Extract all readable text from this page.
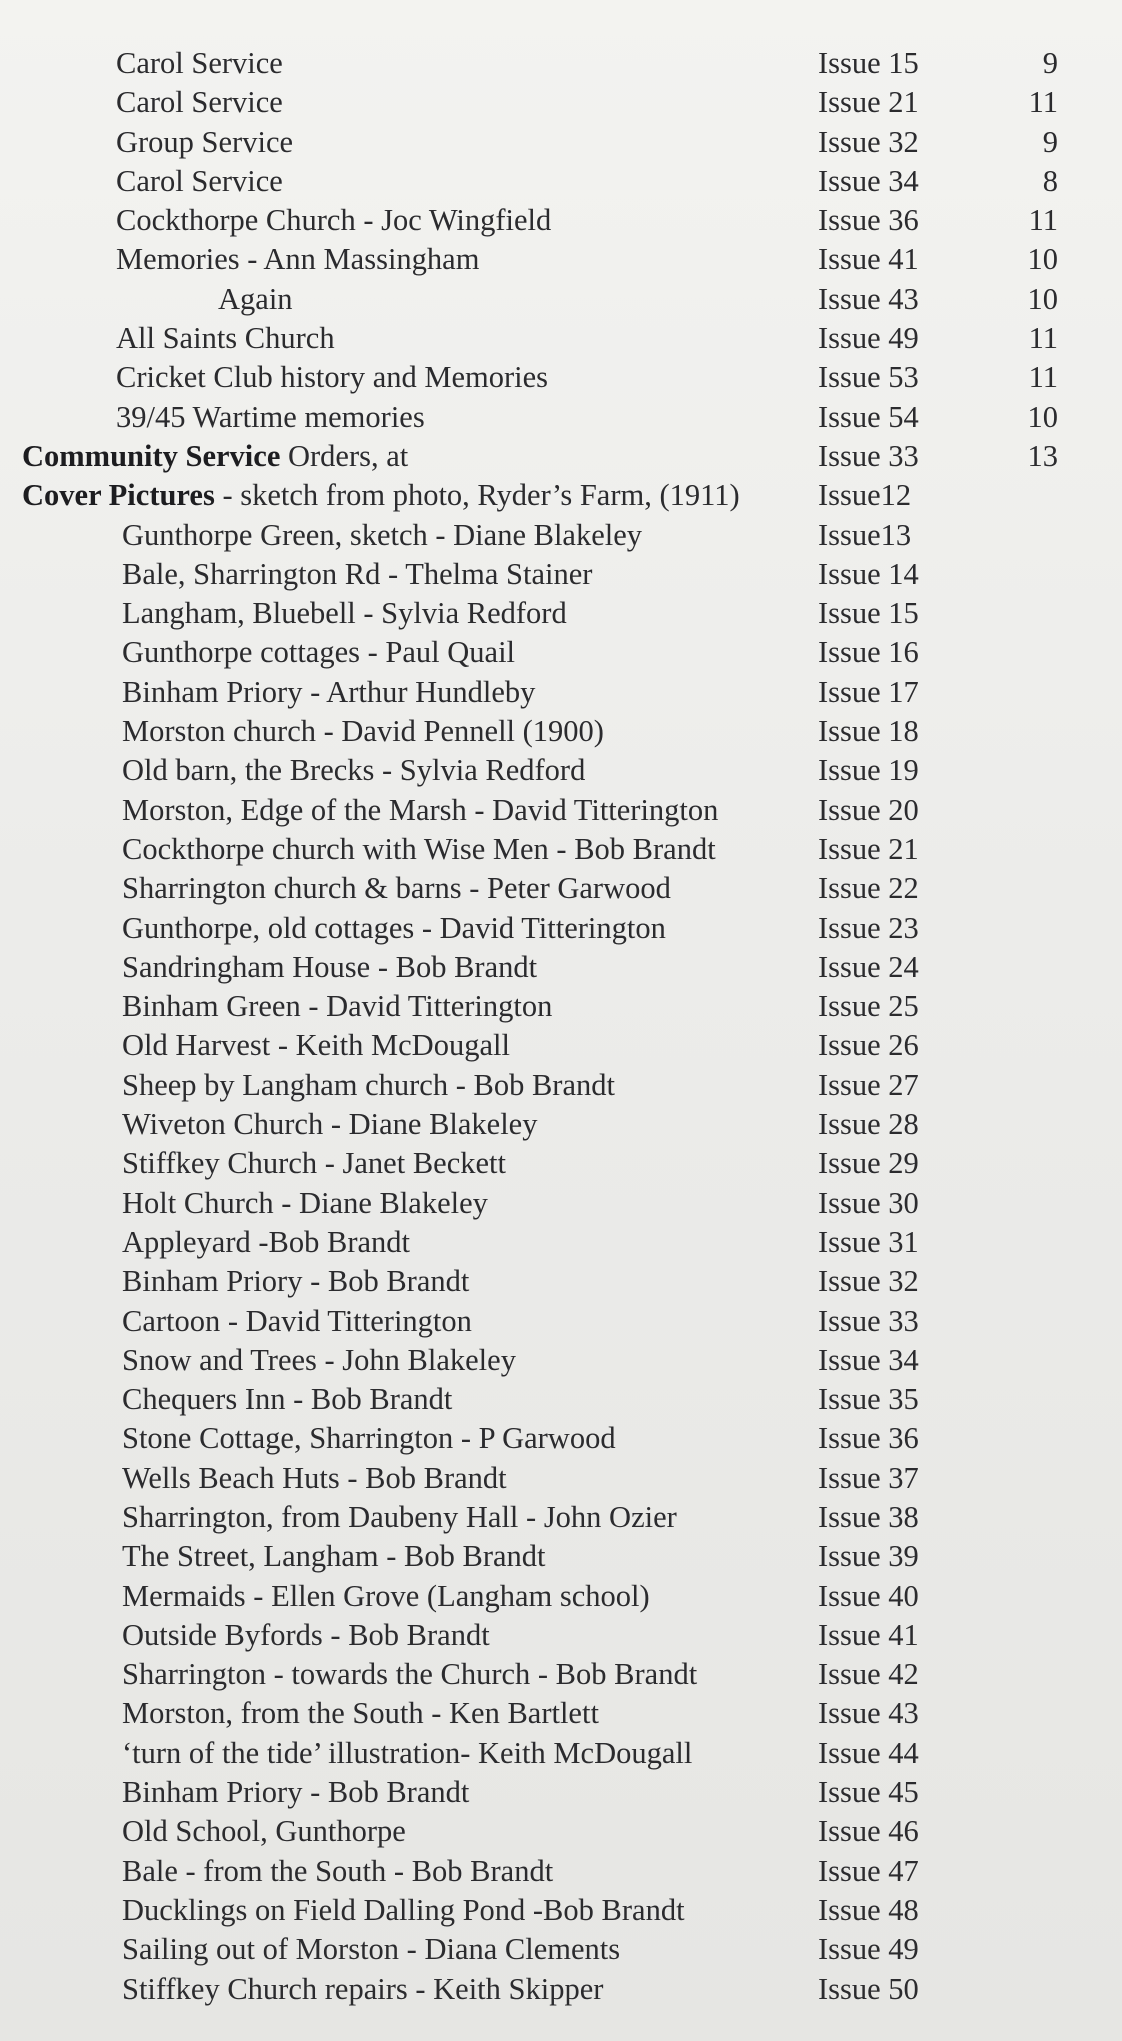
Carol Service	Issue 15	9
Carol Service	Issue 21	11
Group Service	Issue 32	9
Carol Service	Issue 34	8
Cockthorpe Church - Joc Wingfield	Issue 36	11
Memories - Ann Massingham	Issue 41	10
Again	Issue 43	10
All Saints Church	Issue 49	11
Cricket Club history and Memories	Issue 53	11
39/45 Wartime memories	Issue 54	10
Community Service Orders, at	Issue 33	13
Cover Pictures - sketch from photo, Ryder’s Farm, (1911)	Issue12
Gunthorpe Green, sketch - Diane Blakeley	Issue13
Bale, Sharrington Rd - Thelma Stainer	Issue 14
Langham, Bluebell - Sylvia Redford	Issue 15
Gunthorpe cottages - Paul Quail	Issue 16
Binham Priory - Arthur Hundleby	Issue 17
Morston church - David Pennell (1900)	Issue 18
Old barn, the Brecks - Sylvia Redford	Issue 19
Morston, Edge of the Marsh - David Titterington	Issue 20
Cockthorpe church with Wise Men - Bob Brandt	Issue 21
Sharrington church & barns - Peter Garwood	Issue 22
Gunthorpe, old cottages - David Titterington	Issue 23
Sandringham House - Bob Brandt	Issue 24
Binham Green - David Titterington	Issue 25
Old Harvest - Keith McDougall	Issue 26
Sheep by Langham church - Bob Brandt	Issue 27
Wiveton Church - Diane Blakeley	Issue 28
Stiffkey Church - Janet Beckett	Issue 29
Holt Church - Diane Blakeley	Issue 30
Appleyard -Bob Brandt	Issue 31
Binham Priory - Bob Brandt	Issue 32
Cartoon - David Titterington	Issue 33
Snow and Trees - John Blakeley	Issue 34
Chequers Inn - Bob Brandt	Issue 35
Stone Cottage, Sharrington - P Garwood	Issue 36
Wells Beach Huts - Bob Brandt	Issue 37
Sharrington, from Daubeny Hall - John Ozier	Issue 38
The Street, Langham - Bob Brandt	Issue 39
Mermaids - Ellen Grove (Langham school)	Issue 40
Outside Byfords - Bob Brandt	Issue 41
Sharrington - towards the Church - Bob Brandt	Issue 42
Morston, from the South - Ken Bartlett	Issue 43
‘turn of the tide’ illustration- Keith McDougall	Issue 44
Binham Priory - Bob Brandt	Issue 45
Old School, Gunthorpe	Issue 46
Bale - from the South - Bob Brandt	Issue 47
Ducklings on Field Dalling Pond -Bob Brandt	Issue 48
Sailing out of Morston - Diana Clements	Issue 49
Stiffkey Church repairs - Keith Skipper	Issue 50
